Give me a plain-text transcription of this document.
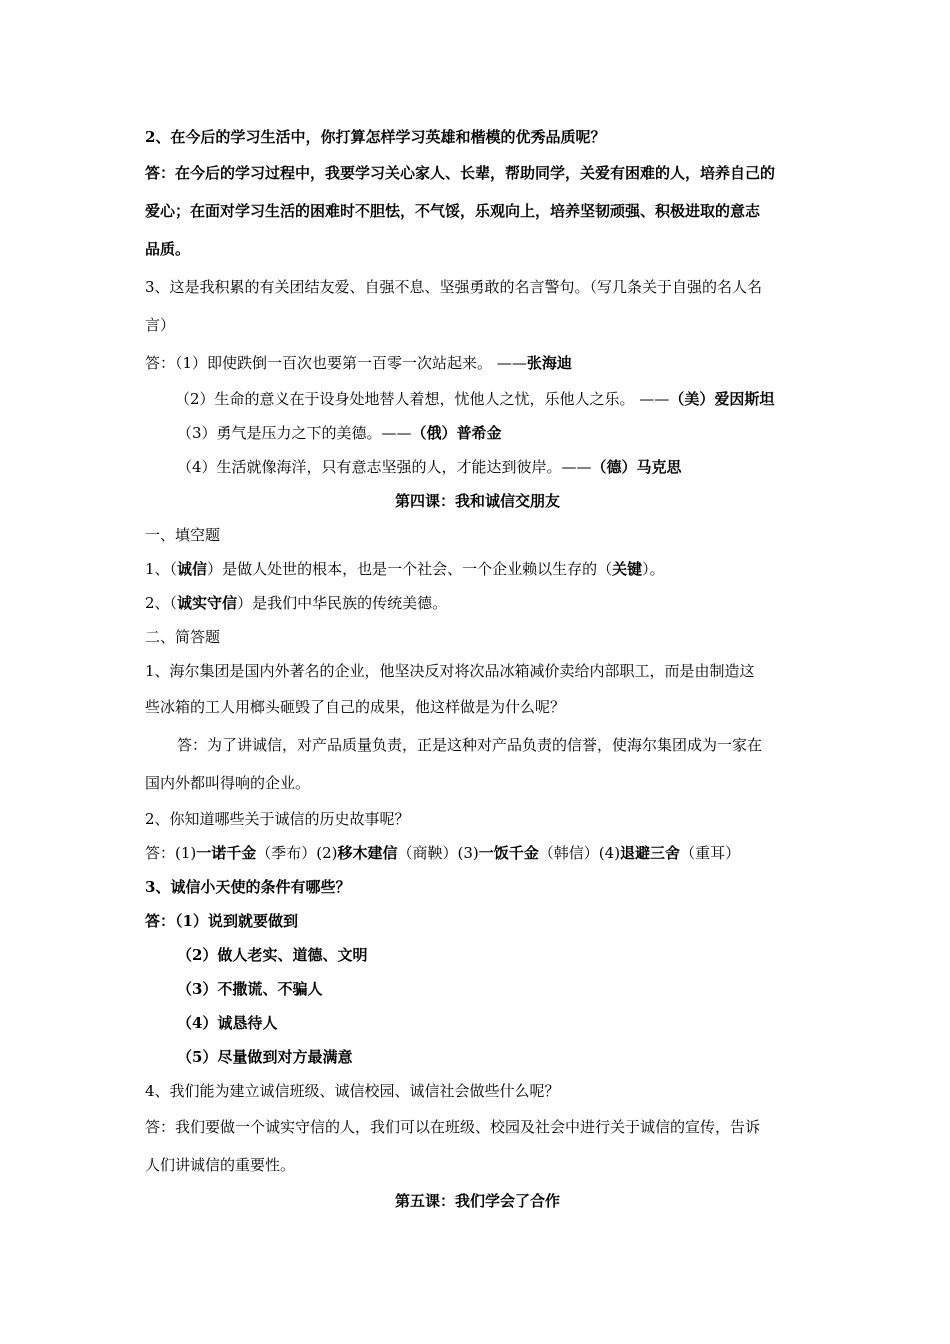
2、在今后的学习生活中，你打算怎样学习英雄和楷模的优秀品质呢？
答：在今后的学习过程中，我要学习关心家人、长辈，帮助同学，关爱有困难的人，培养自己的
爱心；在面对学习生活的困难时不胆怯，不气馁，乐观向上，培养坚韧顽强、积极进取的意志
品质。
3、这是我积累的有关团结友爱、自强不息、坚强勇敢的名言警句。（写几条关于自强的名人名
言）
答：（1）即使跌倒一百次也要第一百零一次站起来。 ——张海迪
（2）生命的意义在于设身处地替人着想，忧他人之忧，乐他人之乐。 ——（美）爱因斯坦
（3）勇气是压力之下的美德。——（俄）普希金
（4）生活就像海洋，只有意志坚强的人，才能达到彼岸。——（德）马克思
第四课：我和诚信交朋友
一、填空题
1、（诚信）是做人处世的根本，也是一个社会、一个企业赖以生存的（关键）。
2、（诚实守信）是我们中华民族的传统美德。
二、简答题
1、海尔集团是国内外著名的企业，他坚决反对将次品冰箱减价卖给内部职工，而是由制造这
些冰箱的工人用榔头砸毁了自己的成果，他这样做是为什么呢？
答：为了讲诚信，对产品质量负责，正是这种对产品负责的信誉，使海尔集团成为一家在
国内外都叫得响的企业。
2、你知道哪些关于诚信的历史故事呢？
答：(1)一诺千金（季布）(2)移木建信（商鞅）(3)一饭千金（韩信）(4)退避三舍（重耳）
3、诚信小天使的条件有哪些？
答：（1）说到就要做到
（2）做人老实、道德、文明
（3）不撒谎、不骗人
（4）诚恳待人
（5）尽量做到对方最满意
4、我们能为建立诚信班级、诚信校园、诚信社会做些什么呢？
答：我们要做一个诚实守信的人，我们可以在班级、校园及社会中进行关于诚信的宣传，告诉
人们讲诚信的重要性。
第五课：我们学会了合作
